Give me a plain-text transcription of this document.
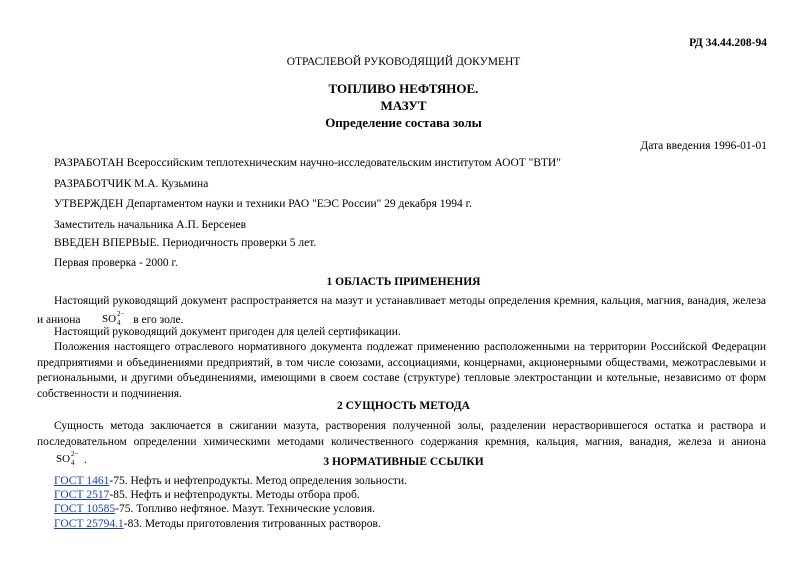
РД 34.44.208-94
ОТРАСЛЕВОЙ РУКОВОДЯЩИЙ ДОКУМЕНТ
ТОПЛИВО НЕФТЯНОЕ.
МАЗУТ
Определение состава золы
Дата введения 1996-01-01
РАЗРАБОТАН Всероссийским теплотехническим научно-исследовательским институтом АООТ "ВТИ"
РАЗРАБОТЧИК М.А. Кузьмина
УТВЕРЖДЕН Департаментом науки и техники РАО "ЕЭС России" 29 декабря 1994 г.
Заместитель начальника А.П. Берсенев
ВВЕДЕН ВПЕРВЫЕ. Периодичность проверки 5 лет.
Первая проверка - 2000 г.
1 ОБЛАСТЬ ПРИМЕНЕНИЯ

Настоящий руководящий документ распространяется на мазут и устанавливает методы определения кремния, кальция, магния, ванадия, железа и аниона SO 2−
4 в его золе.

Настоящий руководящий документ пригоден для целей сертификации.

Положения настоящего отраслевого нормативного документа подлежат применению расположенными на территории Российской Федерации предприятиями и объединениями предприятий, в том числе союзами, ассоциациями, концернами, акционерными обществами, межотраслевыми и региональными, и другими объединениями, имеющими в своем составе (структуре) тепловые электростанции и котельные, независимо от форм собственности и подчинения.

2 СУЩНОСТЬ МЕТОДА

Сущность метода заключается в сжигании мазута, растворения полученной золы, разделении нерастворившегося остатка и раствора и последовательном определении химическими методами количественного содержания кремния, кальция, магния, ванадия, железа и аниона
SO 2−
4 .	3 НОРМАТИВНЫЕ ССЫЛКИ
ГОСТ 1461-75. Нефть и нефтепродукты. Метод определения зольности.
ГОСТ 2517-85. Нефть и нефтепродукты. Методы отбора проб.
ГОСТ 10585-75. Топливо нефтяное. Мазут. Технические условия.
ГОСТ 25794.1-83. Методы приготовления титрованных растворов.
